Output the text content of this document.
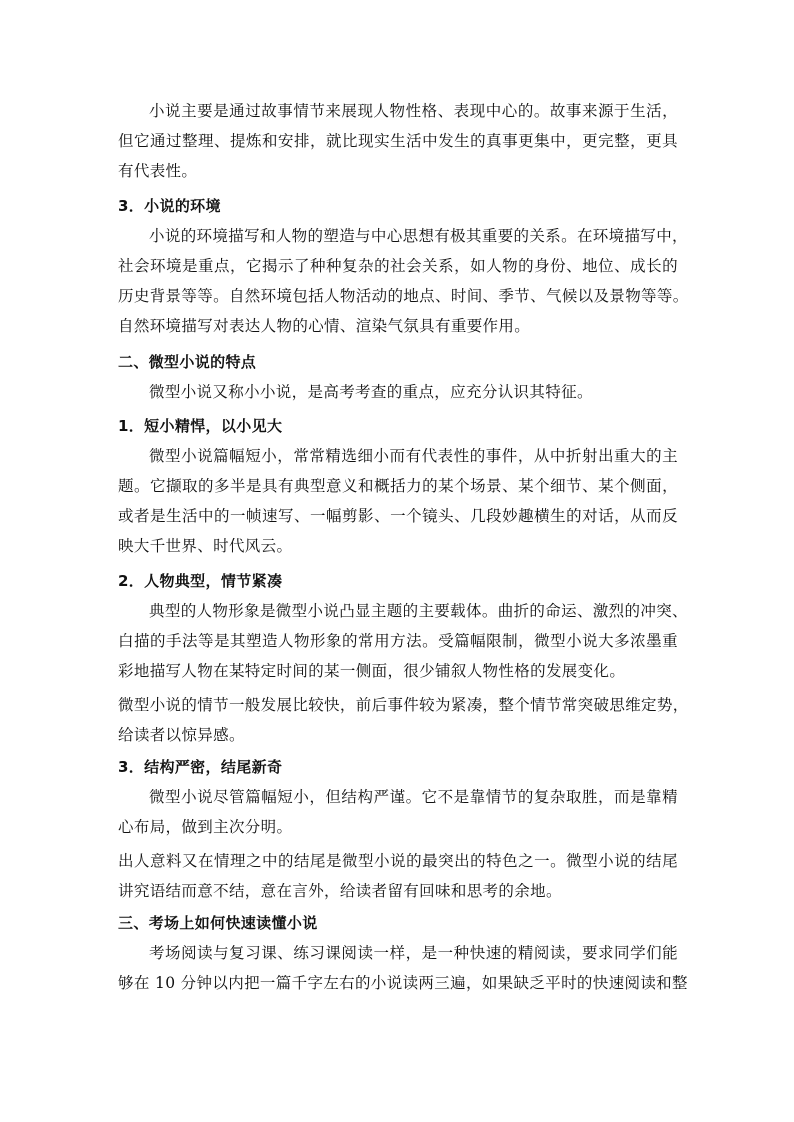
小说主要是通过故事情节来展现人物性格、表现中心的。故事来源于生活，
但它通过整理、提炼和安排，就比现实生活中发生的真事更集中，更完整，更具
有代表性。
3．小说的环境
小说的环境描写和人物的塑造与中心思想有极其重要的关系。在环境描写中，
社会环境是重点，它揭示了种种复杂的社会关系，如人物的身份、地位、成长的
历史背景等等。自然环境包括人物活动的地点、时间、季节、气候以及景物等等。
自然环境描写对表达人物的心情、渲染气氛具有重要作用。
二、微型小说的特点
微型小说又称小小说，是高考考查的重点，应充分认识其特征。
1．短小精悍，以小见大
微型小说篇幅短小，常常精选细小而有代表性的事件，从中折射出重大的主
题。它撷取的多半是具有典型意义和概括力的某个场景、某个细节、某个侧面，
或者是生活中的一帧速写、一幅剪影、一个镜头、几段妙趣横生的对话，从而反
映大千世界、时代风云。
2．人物典型，情节紧凑
典型的人物形象是微型小说凸显主题的主要载体。曲折的命运、激烈的冲突、
白描的手法等是其塑造人物形象的常用方法。受篇幅限制，微型小说大多浓墨重
彩地描写人物在某特定时间的某一侧面，很少铺叙人物性格的发展变化。
微型小说的情节一般发展比较快，前后事件较为紧凑，整个情节常突破思维定势，
给读者以惊异感。
3．结构严密，结尾新奇
微型小说尽管篇幅短小，但结构严谨。它不是靠情节的复杂取胜，而是靠精
心布局，做到主次分明。
出人意料又在情理之中的结尾是微型小说的最突出的特色之一。微型小说的结尾
讲究语结而意不结，意在言外，给读者留有回味和思考的余地。
三、考场上如何快速读懂小说
考场阅读与复习课、练习课阅读一样，是一种快速的精阅读，要求同学们能
够在 10 分钟以内把一篇千字左右的小说读两三遍，如果缺乏平时的快速阅读和整
